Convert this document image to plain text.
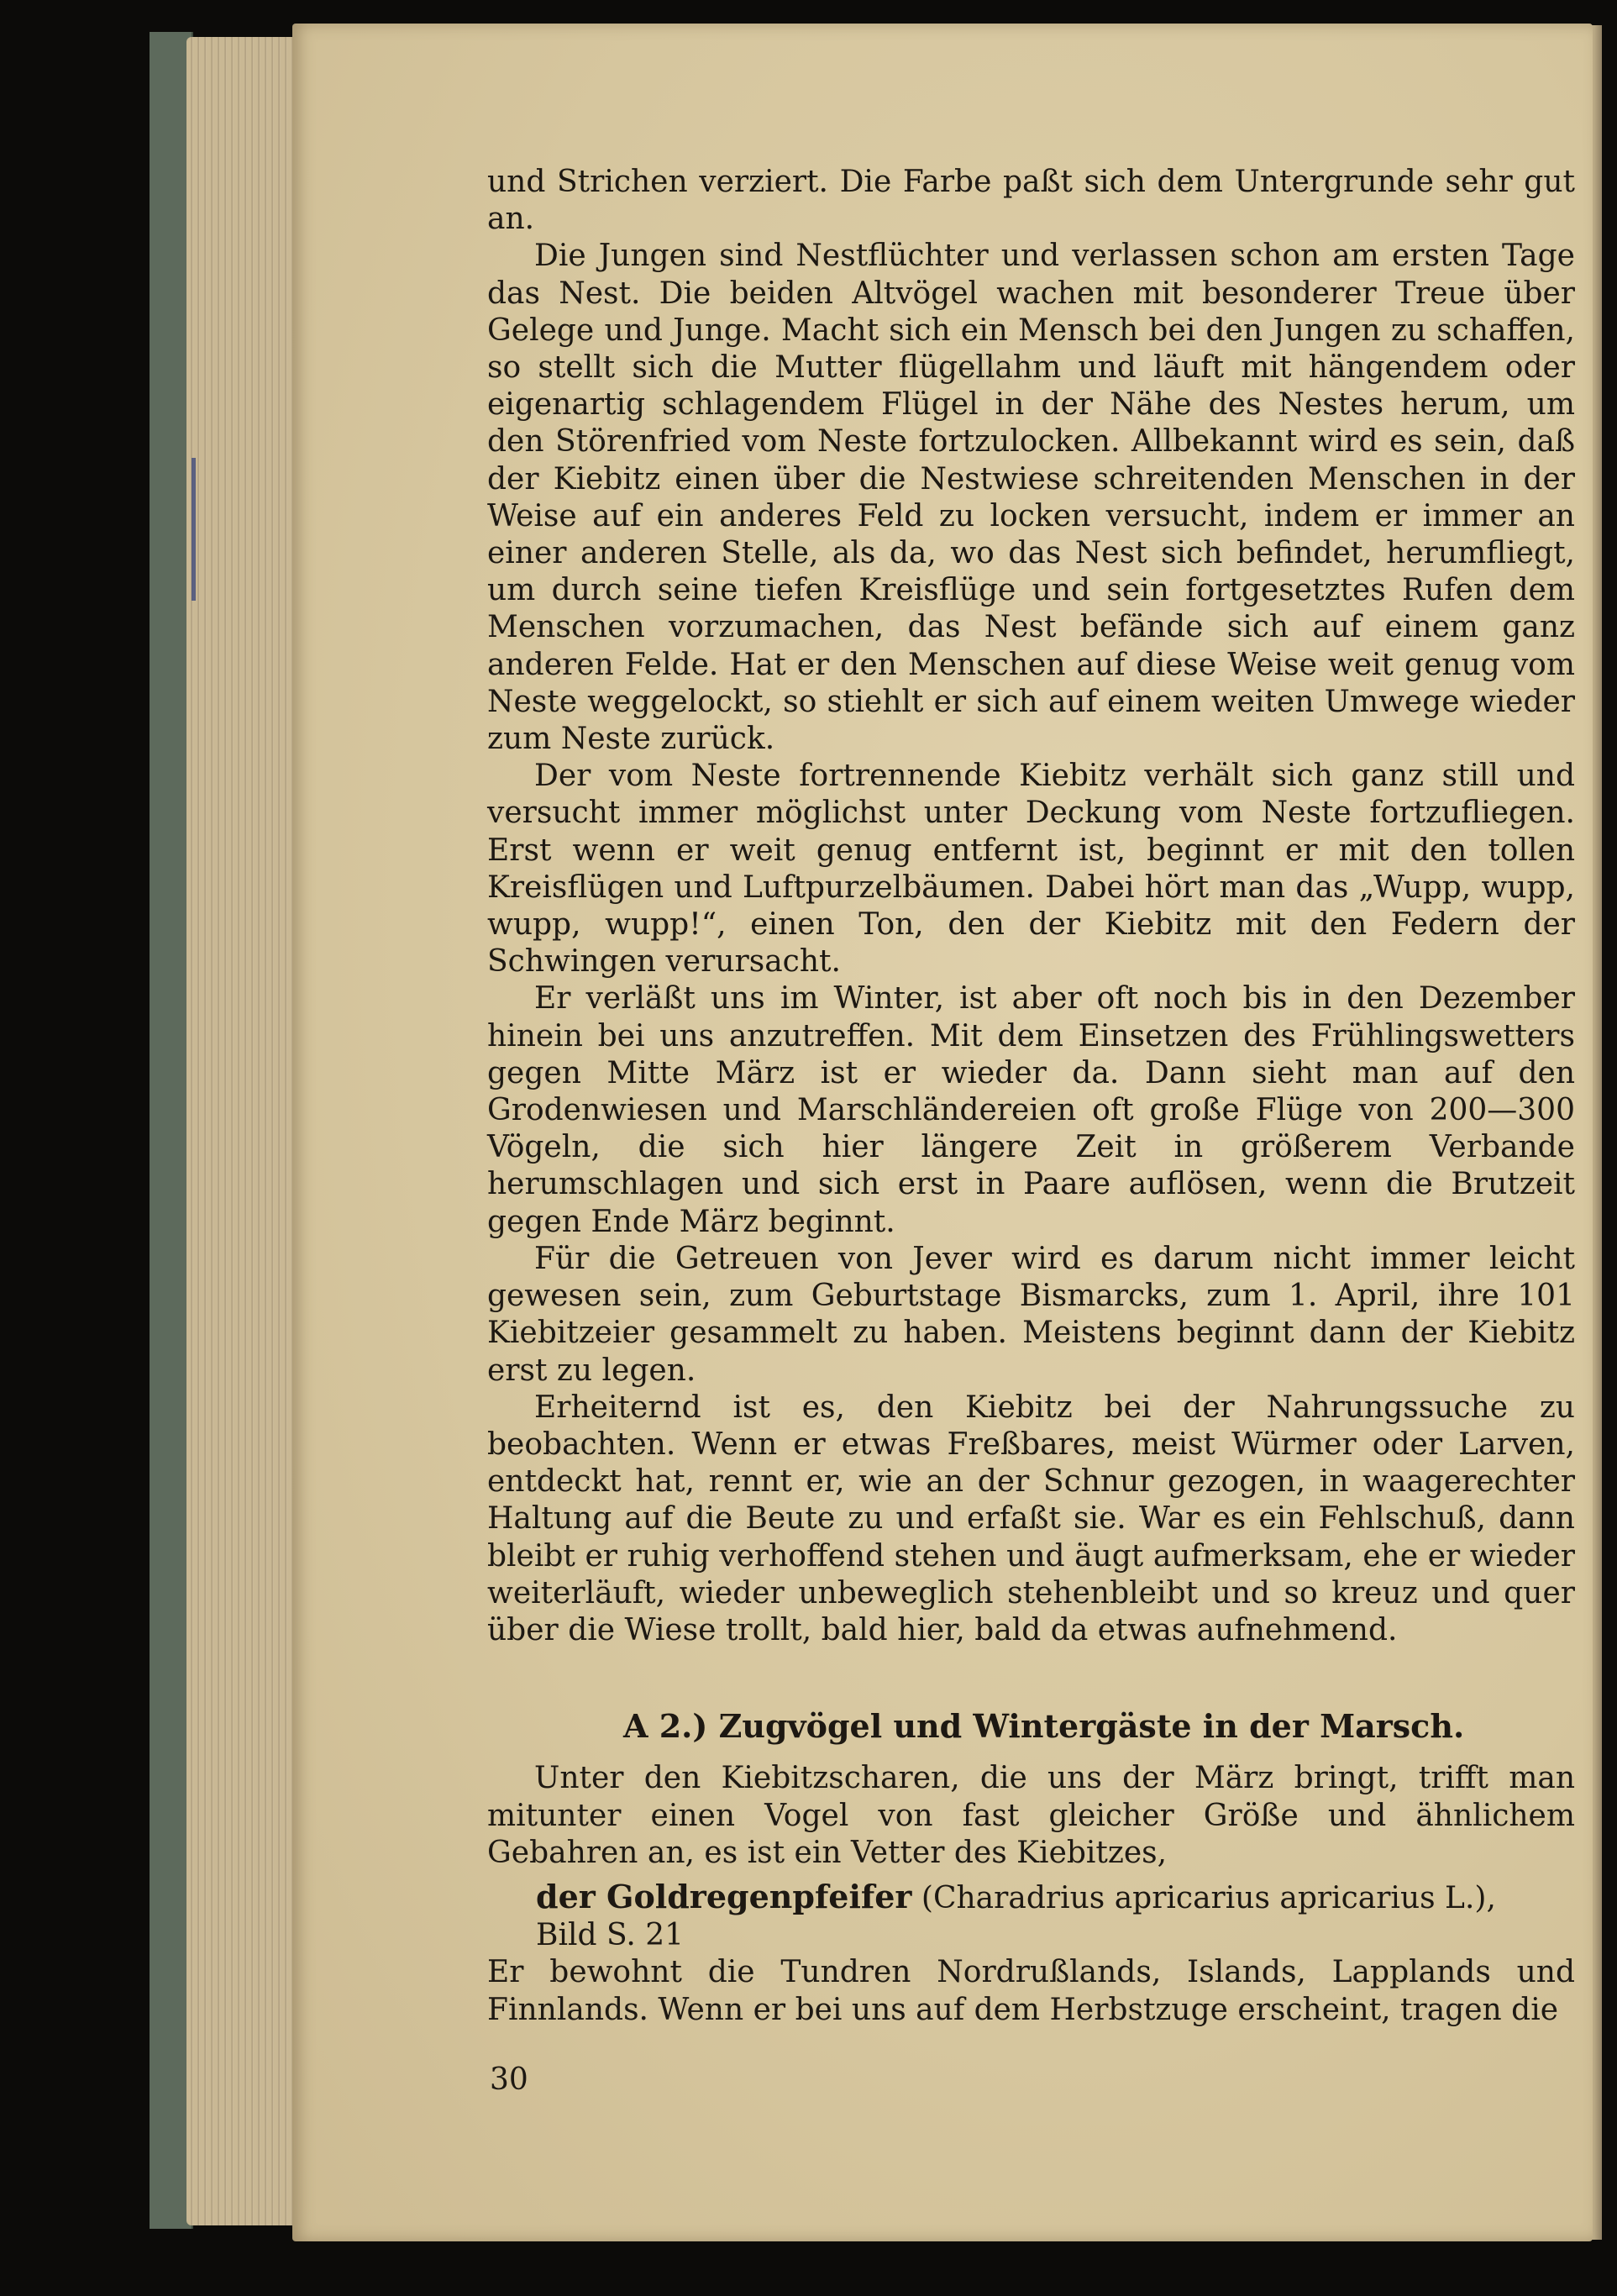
und Strichen verziert. Die Farbe paßt sich dem Untergrunde sehr gut an.

Die Jungen sind Nestflüchter und verlassen schon am ersten Tage das Nest. Die beiden Altvögel wachen mit besonderer Treue über Gelege und Junge. Macht sich ein Mensch bei den Jungen zu schaffen, so stellt sich die Mutter flügellahm und läuft mit hängendem oder eigenartig schlagendem Flügel in der Nähe des Nestes herum, um den Störenfried vom Neste fortzulocken. Allbekannt wird es sein, daß der Kiebitz einen über die Nestwiese schreitenden Menschen in der Weise auf ein anderes Feld zu locken versucht, indem er immer an einer anderen Stelle, als da, wo das Nest sich befindet, herumfliegt, um durch seine tiefen Kreisflüge und sein fortgesetztes Rufen dem Menschen vorzumachen, das Nest befände sich auf einem ganz anderen Felde. Hat er den Menschen auf diese Weise weit genug vom Neste weggelockt, so stiehlt er sich auf einem weiten Umwege wieder zum Neste zurück.

Der vom Neste fortrennende Kiebitz verhält sich ganz still und versucht immer möglichst unter Deckung vom Neste fortzufliegen. Erst wenn er weit genug entfernt ist, beginnt er mit den tollen Kreisflügen und Luftpurzelbäumen. Dabei hört man das „Wupp, wupp, wupp, wupp!“, einen Ton, den der Kiebitz mit den Federn der Schwingen verursacht.

Er verläßt uns im Winter, ist aber oft noch bis in den Dezember hinein bei uns anzutreffen. Mit dem Einsetzen des Frühlingswetters gegen Mitte März ist er wieder da. Dann sieht man auf den Grodenwiesen und Marschländereien oft große Flüge von 200—300 Vögeln, die sich hier längere Zeit in größerem Verbande herumschlagen und sich erst in Paare auflösen, wenn die Brutzeit gegen Ende März beginnt.

Für die Getreuen von Jever wird es darum nicht immer leicht gewesen sein, zum Geburtstage Bismarcks, zum 1. April, ihre 101 Kiebitzeier gesammelt zu haben. Meistens beginnt dann der Kiebitz erst zu legen.

Erheiternd ist es, den Kiebitz bei der Nahrungssuche zu beobachten. Wenn er etwas Freßbares, meist Würmer oder Larven, entdeckt hat, rennt er, wie an der Schnur gezogen, in waagerechter Haltung auf die Beute zu und erfaßt sie. War es ein Fehlschuß, dann bleibt er ruhig verhoffend stehen und äugt aufmerksam, ehe er wieder weiterläuft, wieder unbeweglich stehenbleibt und so kreuz und quer über die Wiese trollt, bald hier, bald da etwas aufnehmend.

A 2.) Zugvögel und Wintergäste in der Marsch.

Unter den Kiebitzscharen, die uns der März bringt, trifft man mitunter einen Vogel von fast gleicher Größe und ähnlichem Gebahren an, es ist ein Vetter des Kiebitzes,

der Goldregenpfeifer (Charadrius apricarius apricarius L.),
Bild S. 21

Er bewohnt die Tundren Nordrußlands, Islands, Lapplands und Finnlands. Wenn er bei uns auf dem Herbstzuge erscheint, tragen die

30
